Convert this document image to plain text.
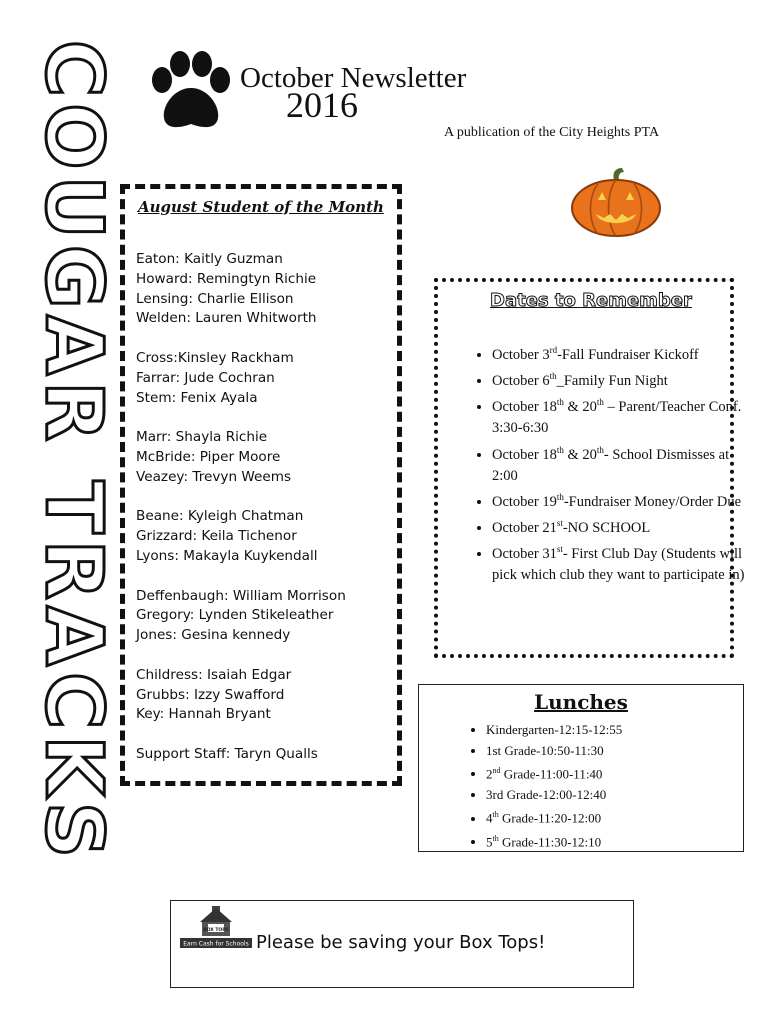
COUGAR TRACKS	October Newsletter
2016
A publication of the City Heights PTA
August Student of the Month
Eaton: Kaitly Guzman
Howard: Remingtyn Richie
Lensing: Charlie Ellison
Welden: Lauren Whitworth
Cross:Kinsley Rackham
Farrar: Jude Cochran
Stem: Fenix Ayala
Marr: Shayla Richie
McBride: Piper Moore
Veazey: Trevyn Weems
Beane: Kyleigh Chatman
Grizzard: Keila Tichenor
Lyons: Makayla Kuykendall
Deffenbaugh: William Morrison
Gregory: Lynden Stikeleather
Jones: Gesina kennedy
Childress: Isaiah Edgar
Grubbs: Izzy Swafford
Key: Hannah Bryant
Support Staff: Taryn Qualls
Dates to Remember
• October 3rd-Fall Fundraiser Kickoff
• October 6th_Family Fun Night
• October 18th & 20th – Parent/Teacher Conf. 3:30-6:30
• October 18th & 20th- School Dismisses at 2:00
• October 19th-Fundraiser Money/Order Due
• October 21st-NO SCHOOL
• October 31st- First Club Day (Students will pick which club they want to participate in)
Lunches
• Kindergarten-12:15-12:55
• 1st Grade-10:50-11:30
• 2nd Grade-11:00-11:40
• 3rd Grade-12:00-12:40
• 4th Grade-11:20-12:00
• 5th Grade-11:30-12:10
BOX TOPS
Earn Cash for Schools Please be saving your Box Tops!
